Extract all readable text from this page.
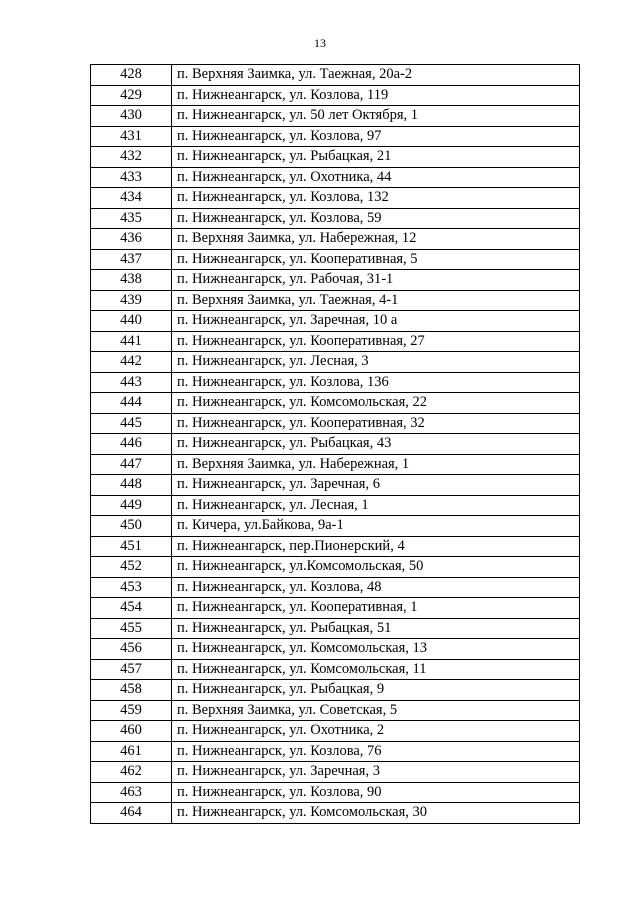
13
428	п. Верхняя Заимка, ул. Таежная, 20а-2
429	п. Нижнеангарск, ул. Козлова, 119
430	п. Нижнеангарск, ул. 50 лет Октября, 1
431	п. Нижнеангарск, ул. Козлова, 97
432	п. Нижнеангарск, ул. Рыбацкая, 21
433	п. Нижнеангарск, ул. Охотника, 44
434	п. Нижнеангарск, ул. Козлова, 132
435	п. Нижнеангарск, ул. Козлова, 59
436	п. Верхняя Заимка, ул. Набережная, 12
437	п. Нижнеангарск, ул. Кооперативная, 5
438	п. Нижнеангарск, ул. Рабочая, 31-1
439	п. Верхняя Заимка, ул. Таежная, 4-1
440	п. Нижнеангарск, ул. Заречная, 10 а
441	п. Нижнеангарск, ул. Кооперативная, 27
442	п. Нижнеангарск, ул. Лесная, 3
443	п. Нижнеангарск, ул. Козлова, 136
444	п. Нижнеангарск, ул. Комсомольская, 22
445	п. Нижнеангарск, ул. Кооперативная, 32
446	п. Нижнеангарск, ул. Рыбацкая, 43
447	п. Верхняя Заимка, ул. Набережная, 1
448	п. Нижнеангарск, ул. Заречная, 6
449	п. Нижнеангарск, ул. Лесная, 1
450	п. Кичера, ул.Байкова, 9а-1
451	п. Нижнеангарск, пер.Пионерский, 4
452	п. Нижнеангарск, ул.Комсомольская, 50
453	п. Нижнеангарск, ул. Козлова, 48
454	п. Нижнеангарск, ул. Кооперативная, 1
455	п. Нижнеангарск, ул. Рыбацкая, 51
456	п. Нижнеангарск, ул. Комсомольская, 13
457	п. Нижнеангарск, ул. Комсомольская, 11
458	п. Нижнеангарск, ул. Рыбацкая, 9
459	п. Верхняя Заимка, ул. Советская, 5
460	п. Нижнеангарск, ул. Охотника, 2
461	п. Нижнеангарск, ул. Козлова, 76
462	п. Нижнеангарск, ул. Заречная, 3
463	п. Нижнеангарск, ул. Козлова, 90
464	п. Нижнеангарск, ул. Комсомольская, 30
